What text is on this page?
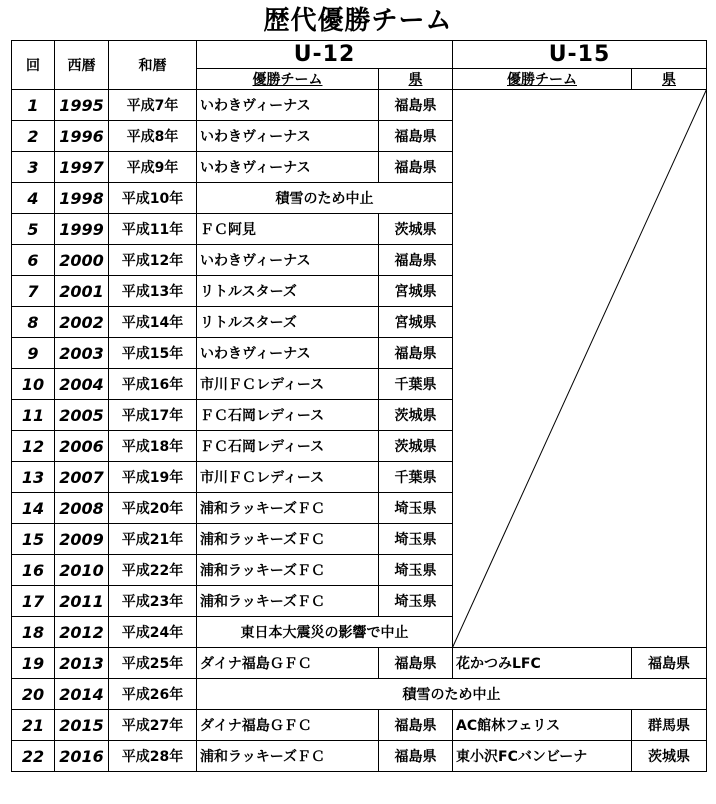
歴代優勝チーム
回	西暦	和暦	U-12		U-15	
			優勝チーム	県	優勝チーム	県
1	1995	平成7年	いわきヴィーナス	福島県		
2	1996	平成8年	いわきヴィーナス	福島県		
3	1997	平成9年	いわきヴィーナス	福島県		
4	1998	平成10年	積雪のため中止			
5	1999	平成11年	ＦＣ阿見	茨城県		
6	2000	平成12年	いわきヴィーナス	福島県		
7	2001	平成13年	リトルスターズ	宮城県		
8	2002	平成14年	リトルスターズ	宮城県		
9	2003	平成15年	いわきヴィーナス	福島県		
10	2004	平成16年	市川ＦＣレディース	千葉県		
11	2005	平成17年	ＦＣ石岡レディース	茨城県		
12	2006	平成18年	ＦＣ石岡レディース	茨城県		
13	2007	平成19年	市川ＦＣレディース	千葉県		
14	2008	平成20年	浦和ラッキーズＦＣ	埼玉県		
15	2009	平成21年	浦和ラッキーズＦＣ	埼玉県		
16	2010	平成22年	浦和ラッキーズＦＣ	埼玉県		
17	2011	平成23年	浦和ラッキーズＦＣ	埼玉県		
18	2012	平成24年	東日本大震災の影響で中止			
19	2013	平成25年	ダイナ福島ＧＦＣ	福島県	花かつみLFC	福島県
20	2014	平成26年	積雪のため中止			
21	2015	平成27年	ダイナ福島ＧＦＣ	福島県	AC館林フェリス	群馬県
22	2016	平成28年	浦和ラッキーズＦＣ	福島県	東小沢FCバンビーナ	茨城県
